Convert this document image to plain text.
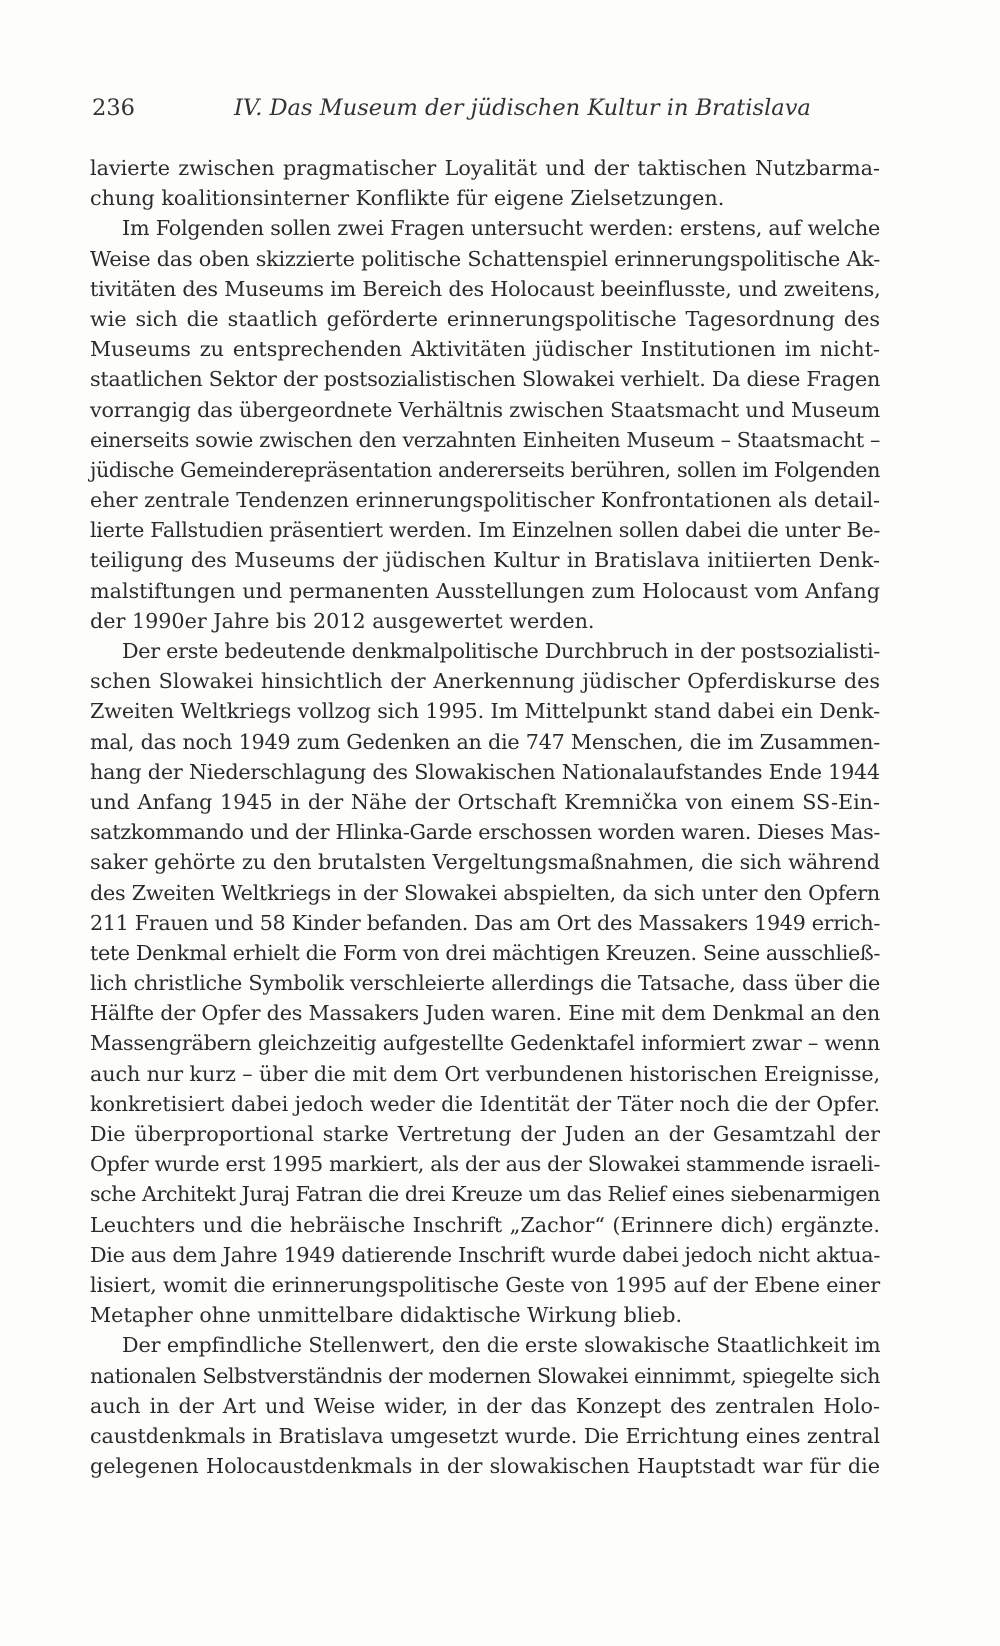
236	IV. Das Museum der jüdischen Kultur in Bratislava
lavierte zwischen pragmatischer Loyalität und der taktischen Nutzbarma-
chung koalitionsinterner Konflikte für eigene Zielsetzungen.
Im Folgenden sollen zwei Fragen untersucht werden: erstens, auf welche
Weise das oben skizzierte politische Schattenspiel erinnerungspolitische Ak-
tivitäten des Museums im Bereich des Holocaust beeinflusste, und zweitens,
wie sich die staatlich geförderte erinnerungspolitische Tagesordnung des
Museums zu entsprechenden Aktivitäten jüdischer Institutionen im nicht-
staatlichen Sektor der postsozialistischen Slowakei verhielt. Da diese Fragen
vorrangig das übergeordnete Verhältnis zwischen Staatsmacht und Museum
einerseits sowie zwischen den verzahnten Einheiten Museum – Staatsmacht –
jüdische Gemeinderepräsentation andererseits berühren, sollen im Folgenden
eher zentrale Tendenzen erinnerungspolitischer Konfrontationen als detail-
lierte Fallstudien präsentiert werden. Im Einzelnen sollen dabei die unter Be-
teiligung des Museums der jüdischen Kultur in Bratislava initiierten Denk-
malstiftungen und permanenten Ausstellungen zum Holocaust vom Anfang
der 1990er Jahre bis 2012 ausgewertet werden.
Der erste bedeutende denkmalpolitische Durchbruch in der postsozialisti-
schen Slowakei hinsichtlich der Anerkennung jüdischer Opferdiskurse des
Zweiten Weltkriegs vollzog sich 1995. Im Mittelpunkt stand dabei ein Denk-
mal, das noch 1949 zum Gedenken an die 747 Menschen, die im Zusammen-
hang der Niederschlagung des Slowakischen Nationalaufstandes Ende 1944
und Anfang 1945 in der Nähe der Ortschaft Kremnička von einem SS-Ein-
satzkommando und der Hlinka-Garde erschossen worden waren. Dieses Mas-
saker gehörte zu den brutalsten Vergeltungsmaßnahmen, die sich während
des Zweiten Weltkriegs in der Slowakei abspielten, da sich unter den Opfern
211 Frauen und 58 Kinder befanden. Das am Ort des Massakers 1949 errich-
tete Denkmal erhielt die Form von drei mächtigen Kreuzen. Seine ausschließ-
lich christliche Symbolik verschleierte allerdings die Tatsache, dass über die
Hälfte der Opfer des Massakers Juden waren. Eine mit dem Denkmal an den
Massengräbern gleichzeitig aufgestellte Gedenktafel informiert zwar – wenn
auch nur kurz – über die mit dem Ort verbundenen historischen Ereignisse,
konkretisiert dabei jedoch weder die Identität der Täter noch die der Opfer.
Die überproportional starke Vertretung der Juden an der Gesamtzahl der
Opfer wurde erst 1995 markiert, als der aus der Slowakei stammende israeli-
sche Architekt Juraj Fatran die drei Kreuze um das Relief eines siebenarmigen
Leuchters und die hebräische Inschrift „Zachor“ (Erinnere dich) ergänzte.
Die aus dem Jahre 1949 datierende Inschrift wurde dabei jedoch nicht aktua-
lisiert, womit die erinnerungspolitische Geste von 1995 auf der Ebene einer
Metapher ohne unmittelbare didaktische Wirkung blieb.
Der empfindliche Stellenwert, den die erste slowakische Staatlichkeit im
nationalen Selbstverständnis der modernen Slowakei einnimmt, spiegelte sich
auch in der Art und Weise wider, in der das Konzept des zentralen Holo-
caustdenkmals in Bratislava umgesetzt wurde. Die Errichtung eines zentral
gelegenen Holocaustdenkmals in der slowakischen Hauptstadt war für die
